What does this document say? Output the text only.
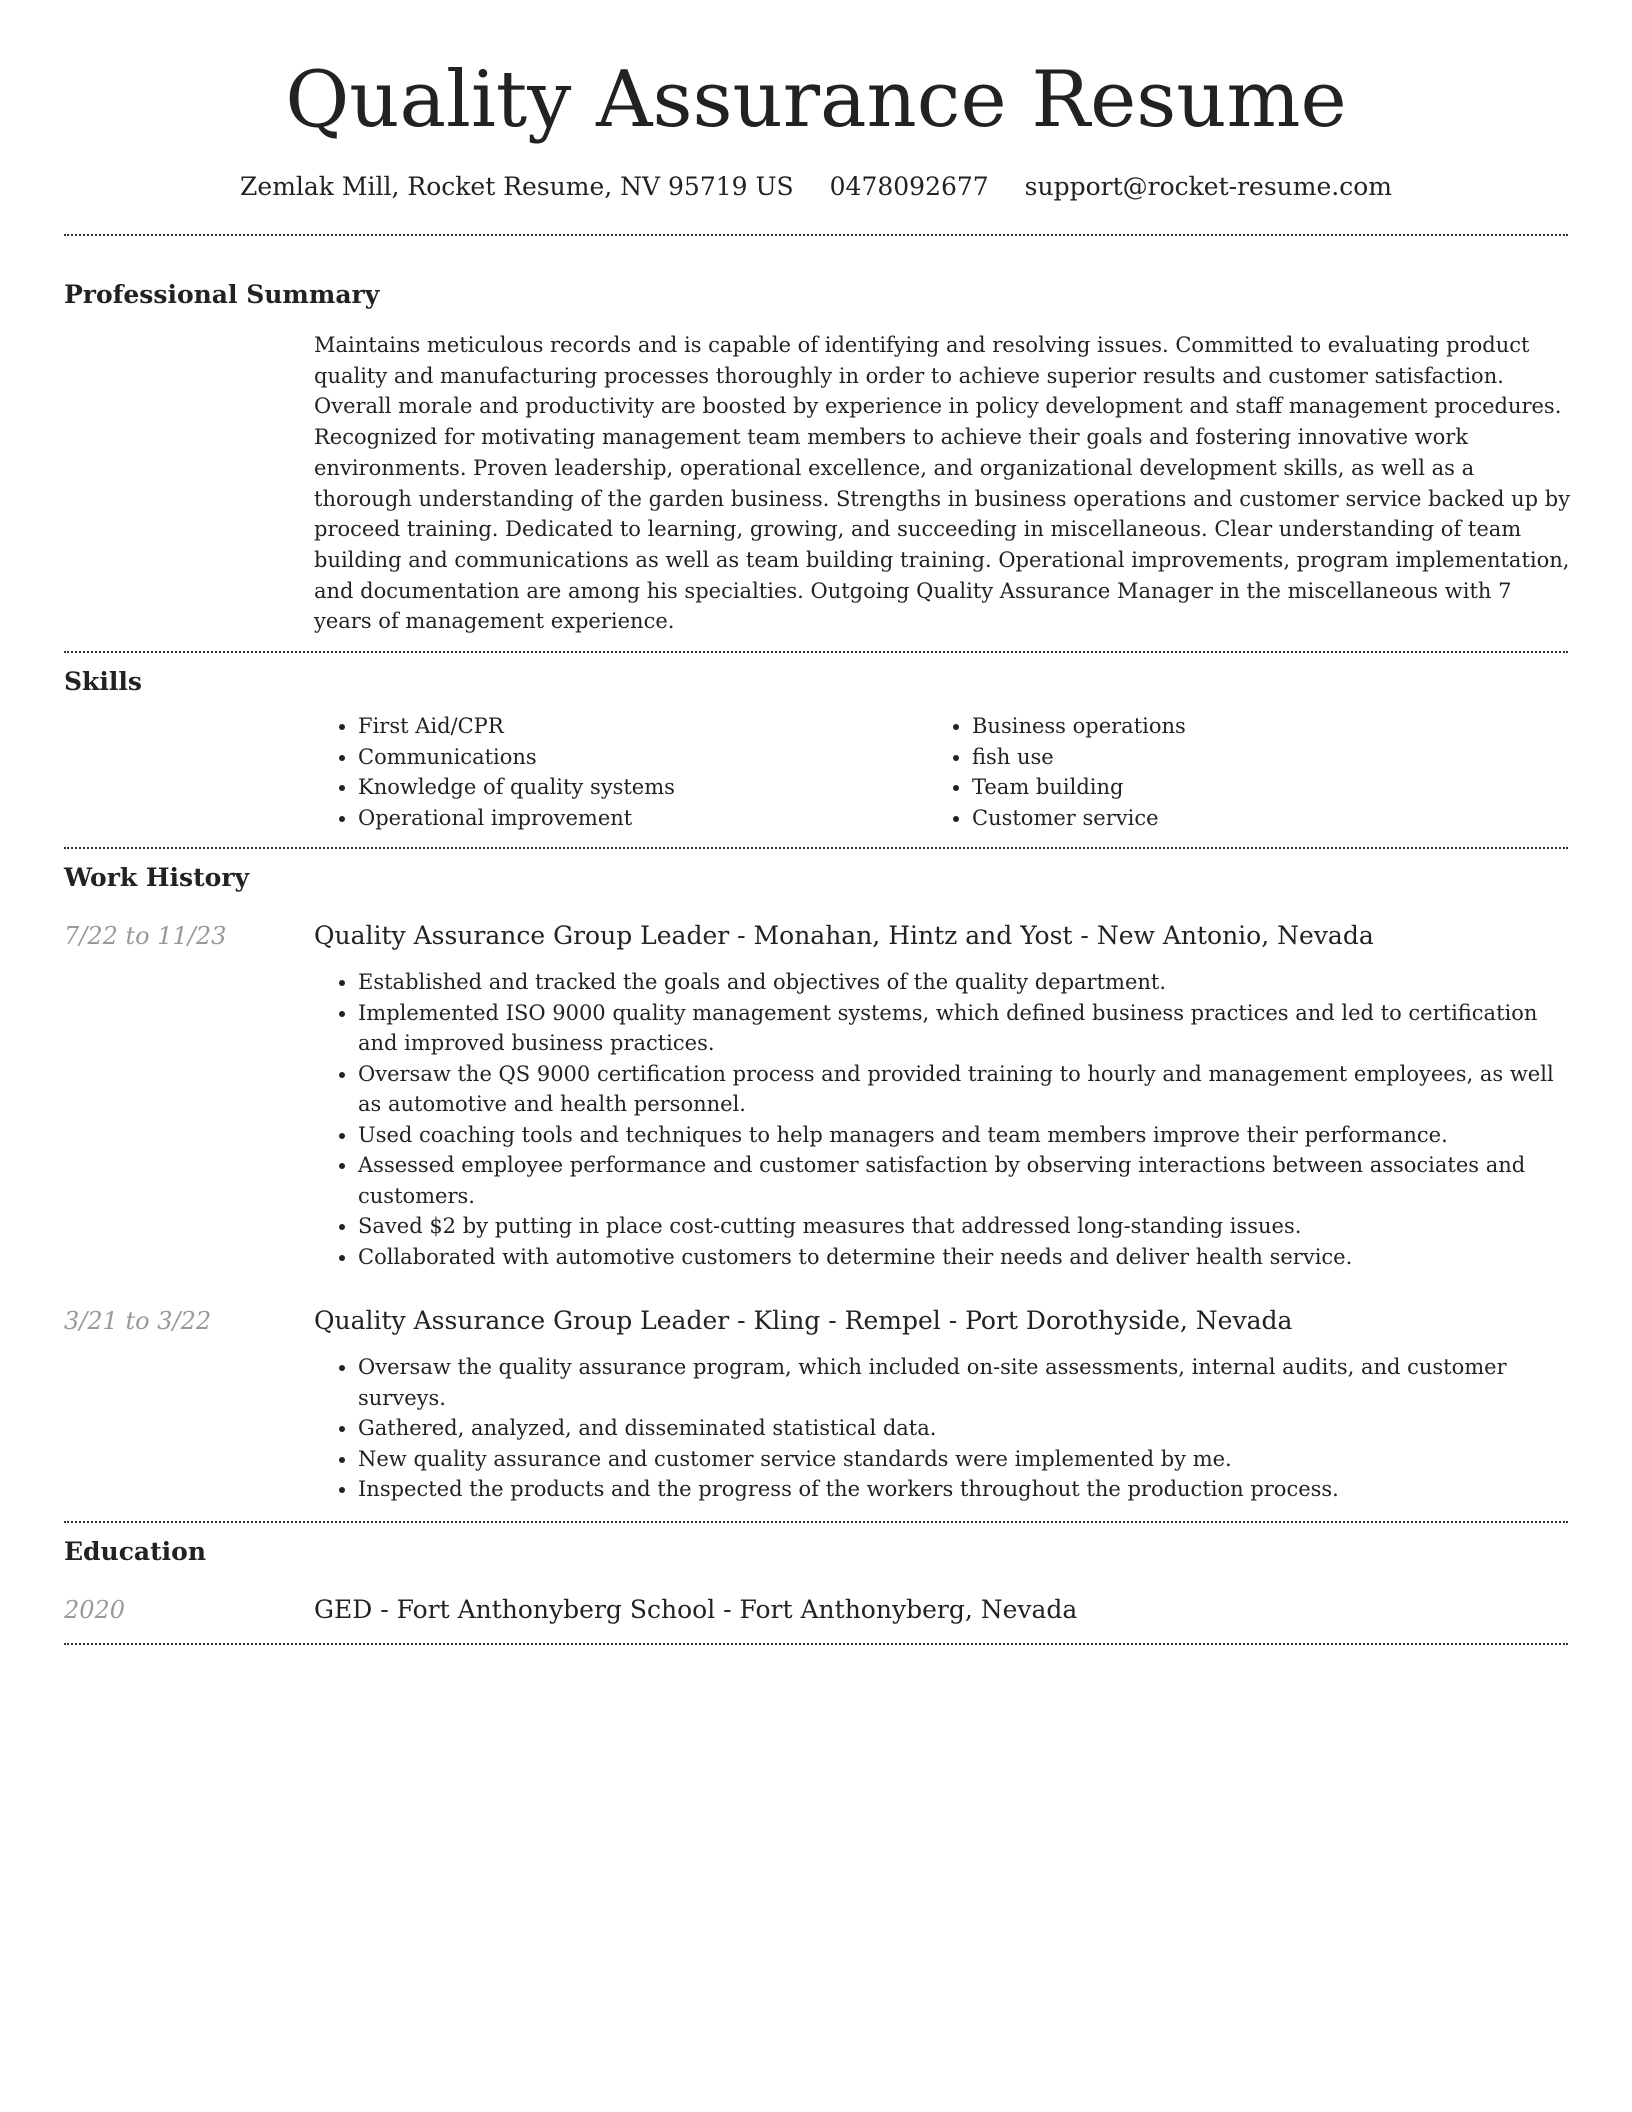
Quality Assurance Resume
Zemlak Mill, Rocket Resume, NV 95719 US 0478092677 support@rocket-resume.com
Professional Summary

Maintains meticulous records and is capable of identifying and resolving issues. Committed to evaluating product quality and manufacturing processes thoroughly in order to achieve superior results and customer satisfaction. Overall morale and productivity are boosted by experience in policy development and staff management procedures. Recognized for motivating management team members to achieve their goals and fostering innovative work environments. Proven leadership, operational excellence, and organizational development skills, as well as a thorough understanding of the garden business. Strengths in business operations and customer service backed up by proceed training. Dedicated to learning, growing, and succeeding in miscellaneous. Clear understanding of team building and communications as well as team building training. Operational improvements, program implementation, and documentation are among his specialties. Outgoing Quality Assurance Manager in the miscellaneous with 7 years of management experience.

Skills
• First Aid/CPR
• Communications
• Knowledge of quality systems
• Operational improvement
• Business operations
• fish use
• Team building
• Customer service
Work History
7/22 to 11/23	Quality Assurance Group Leader - Monahan, Hintz and Yost - New Antonio, Nevada
• Established and tracked the goals and objectives of the quality department.
• Implemented ISO 9000 quality management systems, which defined business practices and led to certification and improved business practices.
• Oversaw the QS 9000 certification process and provided training to hourly and management employees, as well as automotive and health personnel.
• Used coaching tools and techniques to help managers and team members improve their performance.
• Assessed employee performance and customer satisfaction by observing interactions between associates and customers.
• Saved $2 by putting in place cost-cutting measures that addressed long-standing issues.
• Collaborated with automotive customers to determine their needs and deliver health service.
3/21 to 3/22	Quality Assurance Group Leader - Kling - Rempel - Port Dorothyside, Nevada
• Oversaw the quality assurance program, which included on-site assessments, internal audits, and customer surveys.
• Gathered, analyzed, and disseminated statistical data.
• New quality assurance and customer service standards were implemented by me.
• Inspected the products and the progress of the workers throughout the production process.
Education
2020	GED - Fort Anthonyberg School - Fort Anthonyberg, Nevada
